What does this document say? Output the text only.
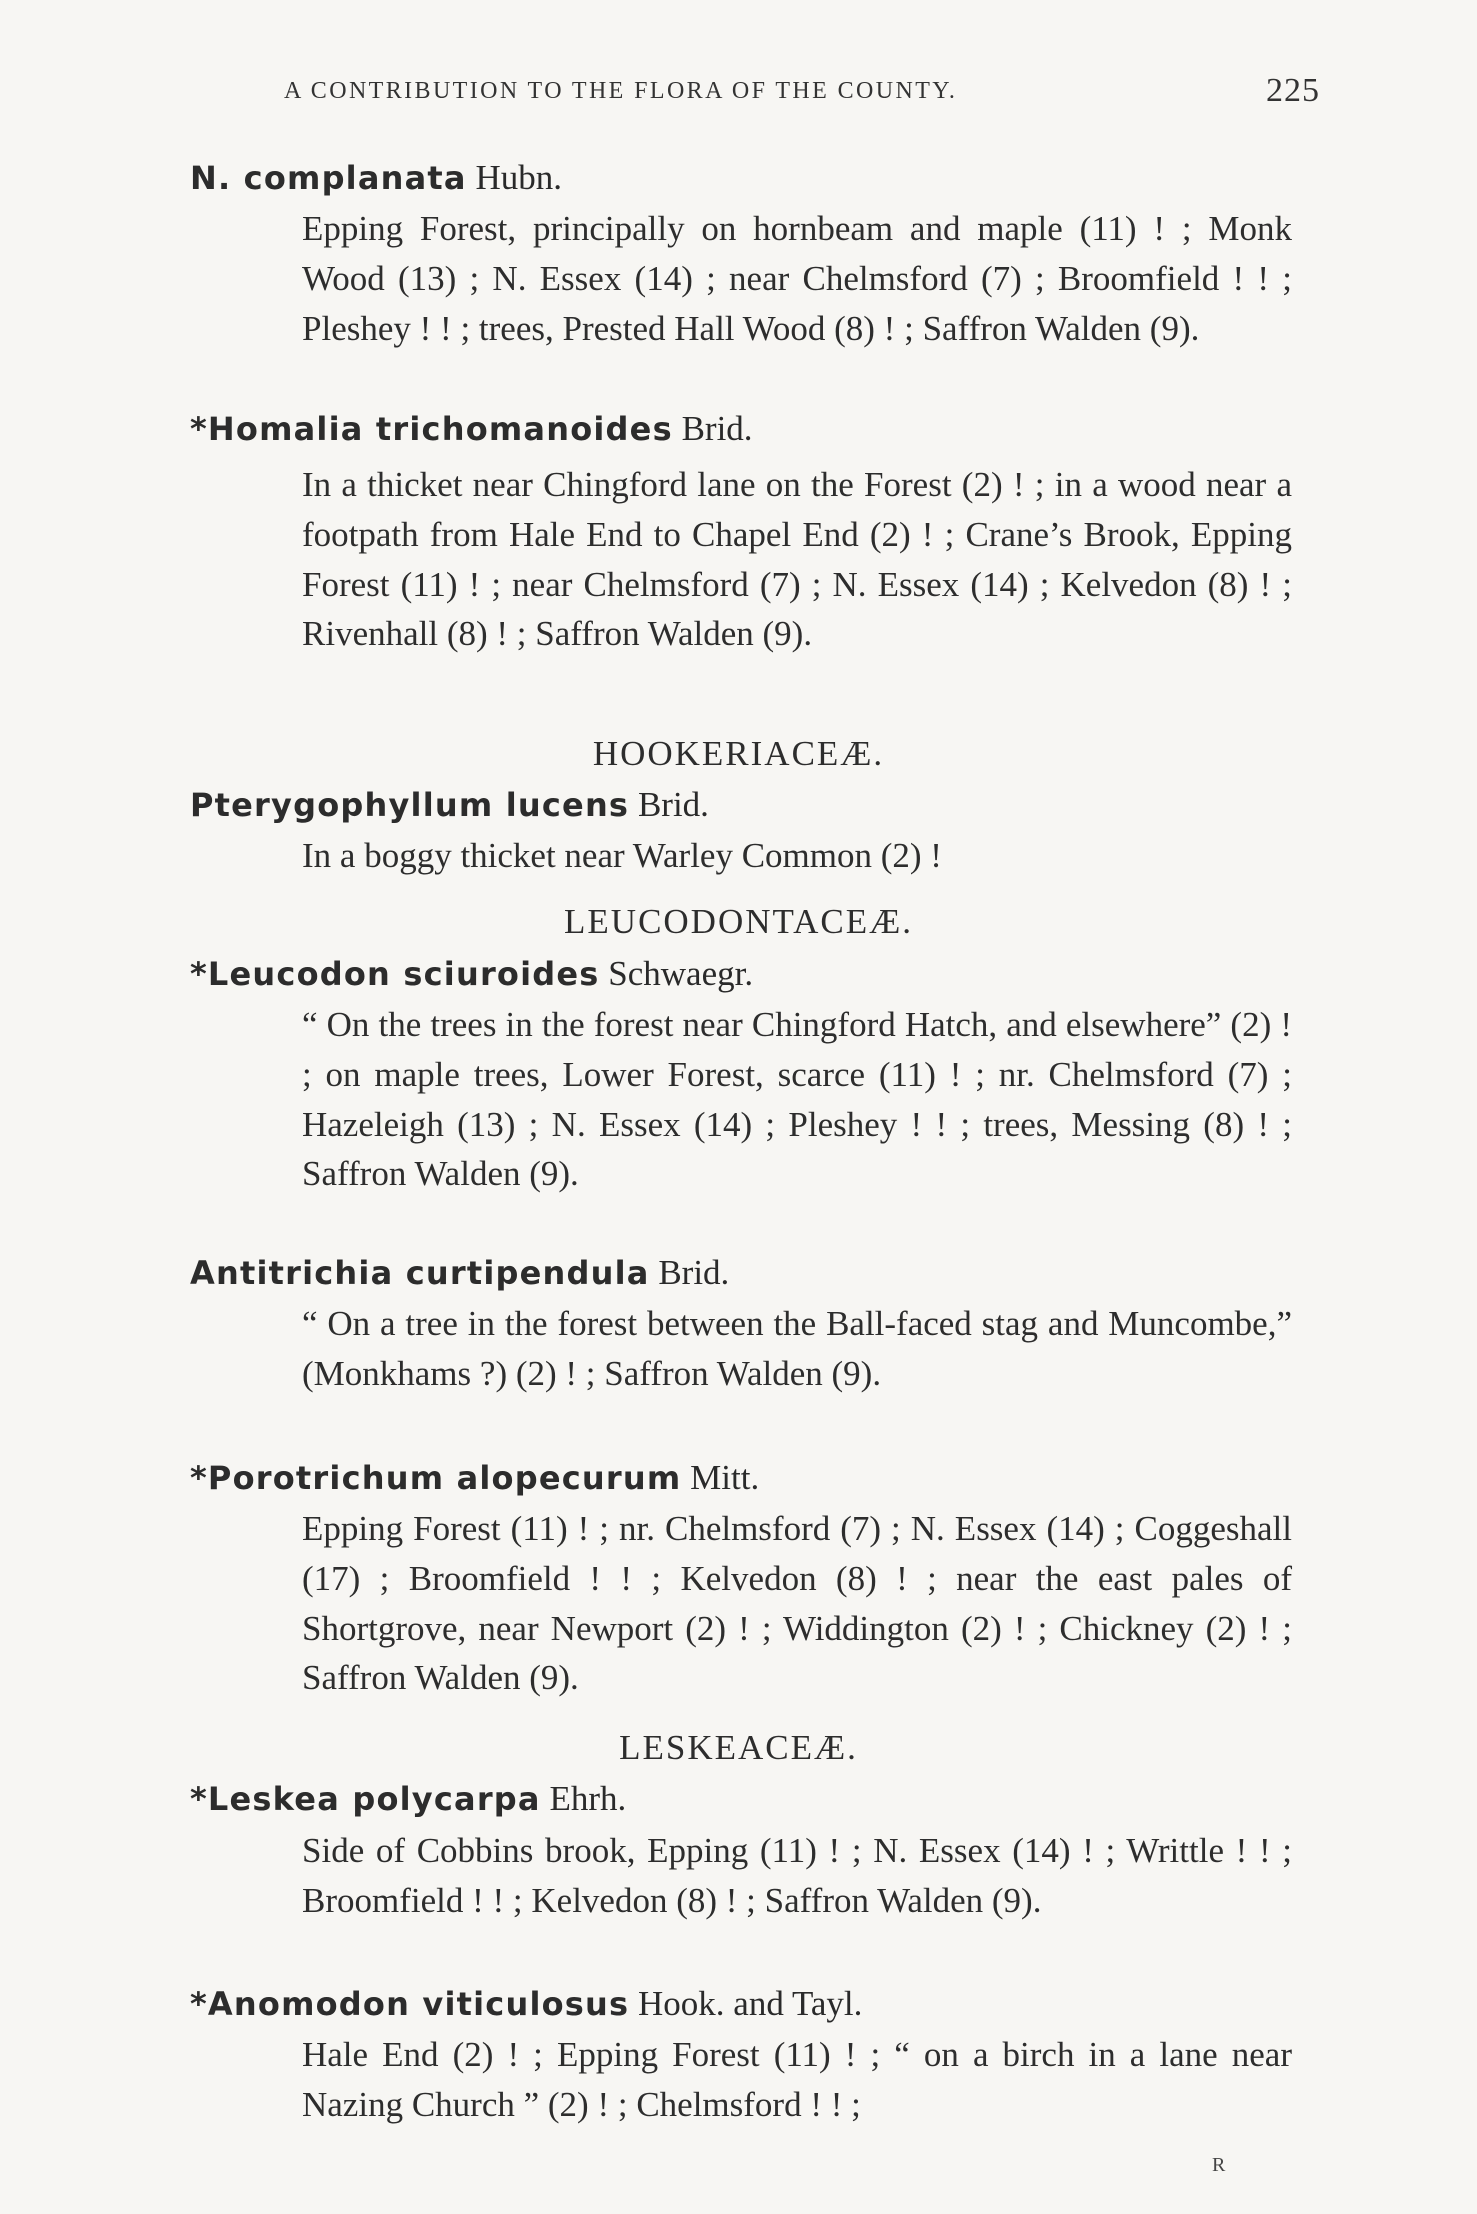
A CONTRIBUTION TO THE FLORA OF THE COUNTY.	225
N. complanata Hubn.
Epping Forest, principally on hornbeam and maple (11) ! ; Monk Wood (13) ; N. Essex (14) ; near Chelmsford (7) ; Broomfield ! ! ; Pleshey ! ! ; trees, Prested Hall Wood (8) ! ; Saffron Walden (9).
*Homalia trichomanoides Brid.
In a thicket near Chingford lane on the Forest (2) ! ; in a wood near a footpath from Hale End to Chapel End (2) ! ; Crane’s Brook, Epping Forest (11) ! ; near Chelmsford (7) ; N. Essex (14) ; Kelvedon (8) ! ; Rivenhall (8) ! ; Saffron Walden (9).
HOOKERIACEÆ.
Pterygophyllum lucens Brid.
In a boggy thicket near Warley Common (2) !
LEUCODONTACEÆ.
*Leucodon sciuroides Schwaegr.
“ On the trees in the forest near Chingford Hatch, and elsewhere” (2) ! ; on maple trees, Lower Forest, scarce (11) ! ; nr. Chelmsford (7) ; Hazeleigh (13) ; N. Essex (14) ; Pleshey ! ! ; trees, Messing (8) ! ; Saffron Walden (9).
Antitrichia curtipendula Brid.
“ On a tree in the forest between the Ball-faced stag and Muncombe,” (Monkhams ?) (2) ! ; Saffron Walden (9).
*Porotrichum alopecurum Mitt.
Epping Forest (11) ! ; nr. Chelmsford (7) ; N. Essex (14) ; Coggeshall (17) ; Broomfield ! ! ; Kelvedon (8) ! ; near the east pales of Shortgrove, near Newport (2) ! ; Widdington (2) ! ; Chickney (2) ! ; Saffron Walden (9).
LESKEACEÆ.
*Leskea polycarpa Ehrh.
Side of Cobbins brook, Epping (11) ! ; N. Essex (14) ! ; Writtle ! ! ; Broomfield ! ! ; Kelvedon (8) ! ; Saffron Walden (9).
*Anomodon viticulosus Hook. and Tayl.
Hale End (2) ! ; Epping Forest (11) ! ; “ on a birch in a lane near Nazing Church ” (2) ! ; Chelmsford ! ! ;
R
